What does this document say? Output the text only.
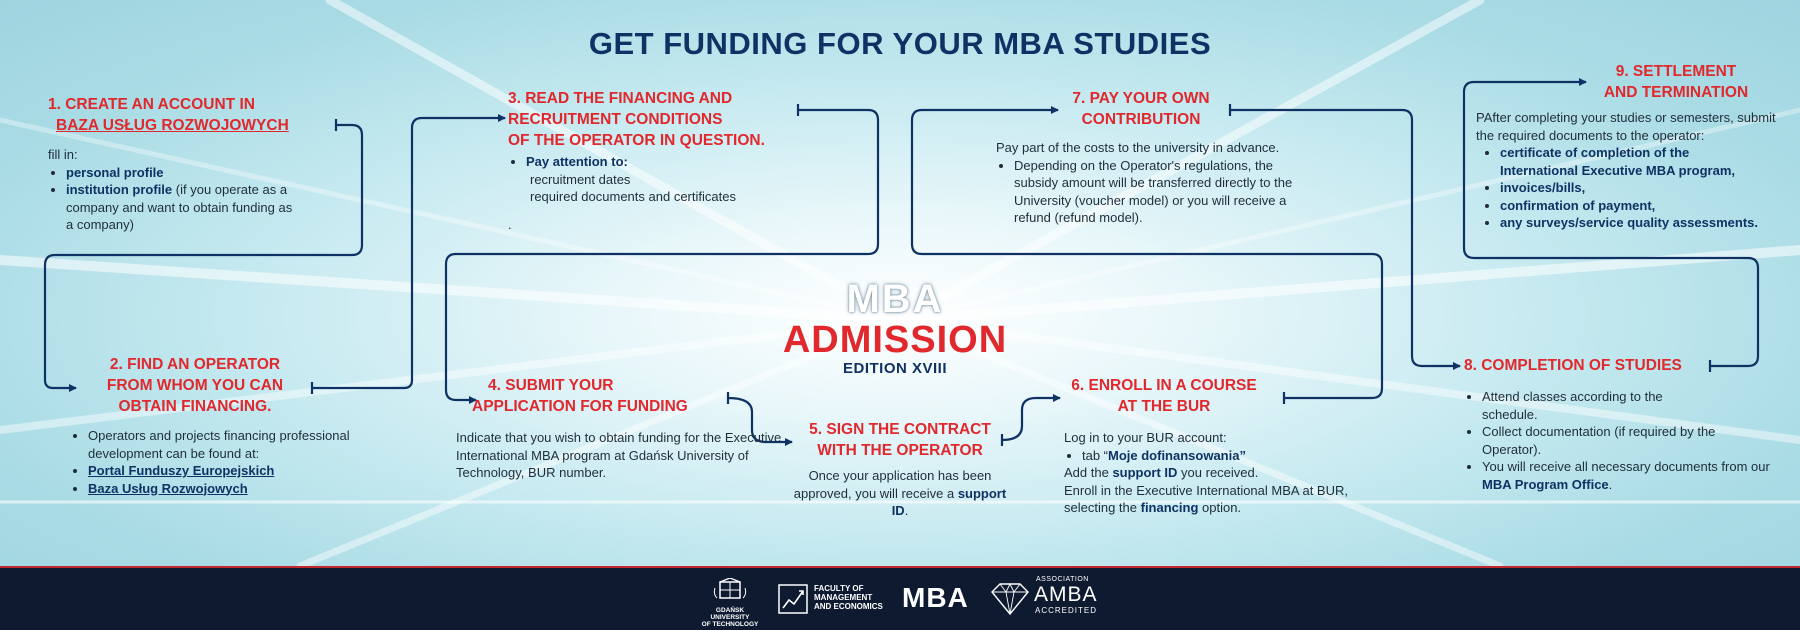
GET FUNDING FOR YOUR MBA STUDIES
1. CREATE AN ACCOUNT IN
BAZA USŁUG ROZWOJOWYCH

fill in:

• personal profile
• institution profile (if you operate as a company and want to obtain funding as a company)
2. FIND AN OPERATOR
FROM WHOM YOU CAN
OBTAIN FINANCING.
• Operators and projects financing professional development can be found at:
• Portal Funduszy Europejskich
• Baza Usług Rozwojowych
3. READ THE FINANCING AND
RECRUITMENT CONDITIONS
OF THE OPERATOR IN QUESTION.
• Pay attention to:

recruitment dates

required documents and certificates

.

MBA
ADMISSION
EDITION XVIII
4. SUBMIT YOUR
APPLICATION FOR FUNDING

Indicate that you wish to obtain funding for the Executive International MBA program at Gdańsk University of Technology, BUR number.

5. SIGN THE CONTRACT
WITH THE OPERATOR

Once your application has been approved, you will receive a support ID.

6. ENROLL IN A COURSE
AT THE BUR

Log in to your BUR account:

• tab “Moje dofinansowania”

Add the support ID you received.

Enroll in the Executive International MBA at BUR, selecting the financing option.

7. PAY YOUR OWN
CONTRIBUTION

Pay part of the costs to the university in advance.

• Depending on the Operator's regulations, the subsidy amount will be transferred directly to the University (voucher model) or you will receive a refund (refund model).
8. COMPLETION OF STUDIES
• Attend classes according to the schedule.
• Collect documentation (if required by the Operator).
• You will receive all necessary documents from our MBA Program Office.
9. SETTLEMENT
AND TERMINATION

PAfter completing your studies or semesters, submit the required documents to the operator:

• certificate of completion of the International Executive MBA program,
• invoices/bills,
• confirmation of payment,
• any surveys/service quality assessments.
GDAŃSK UNIVERSITY
OF TECHNOLOGY
FACULTY OF
MANAGEMENT
AND ECONOMICS MBA
ASSOCIATION
AMBA
ACCREDITED
